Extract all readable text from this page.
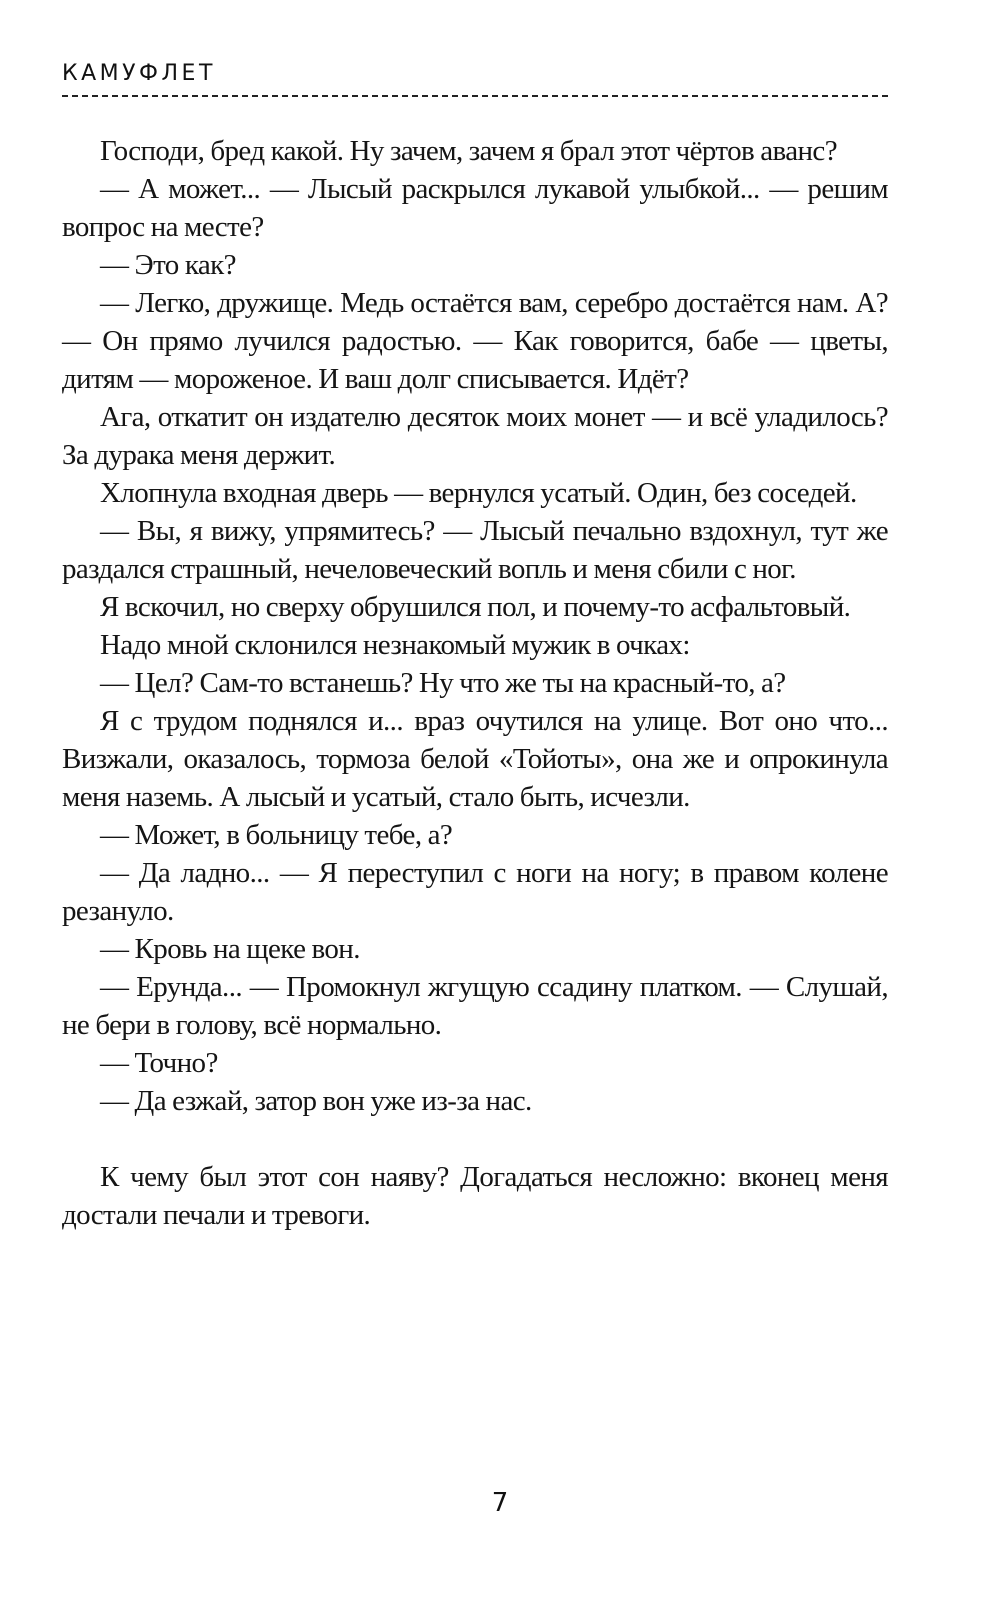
КАМУФЛЕТ

Господи, бред какой. Ну зачем, зачем я брал этот чёртов аванс?

— А может... — Лысый раскрылся лукавой улыбкой... — решим вопрос на месте?

— Это как?

— Легко, дружище. Медь остаётся вам, серебро достаётся нам. А? — Он прямо лучился радостью. — Как говорится, бабе — цветы, дитям — мороженое. И ваш долг списывается. Идёт?

Ага, откатит он издателю десяток моих монет — и всё уладилось? За дурака меня держит.

Хлопнула входная дверь — вернулся усатый. Один, без соседей.

— Вы, я вижу, упрямитесь? — Лысый печально вздохнул, тут же раздался страшный, нечеловеческий вопль и меня сбили с ног.

Я вскочил, но сверху обрушился пол, и почему-то асфальтовый.

Надо мной склонился незнакомый мужик в очках:

— Цел? Сам-то встанешь? Ну что же ты на красный-то, а?

Я с трудом поднялся и... враз очутился на улице. Вот оно что... Визжали, оказалось, тормоза белой «Тойоты», она же и опрокинула меня наземь. А лысый и усатый, стало быть, исчезли.

— Может, в больницу тебе, а?

— Да ладно... — Я переступил с ноги на ногу; в правом колене резануло.

— Кровь на щеке вон.

— Ерунда... — Промокнул жгущую ссадину платком. — Слушай, не бери в голову, всё нормально.

— Точно?

— Да езжай, затор вон уже из-за нас.

К чему был этот сон наяву? Догадаться несложно: вконец меня достали печали и тревоги.

7
